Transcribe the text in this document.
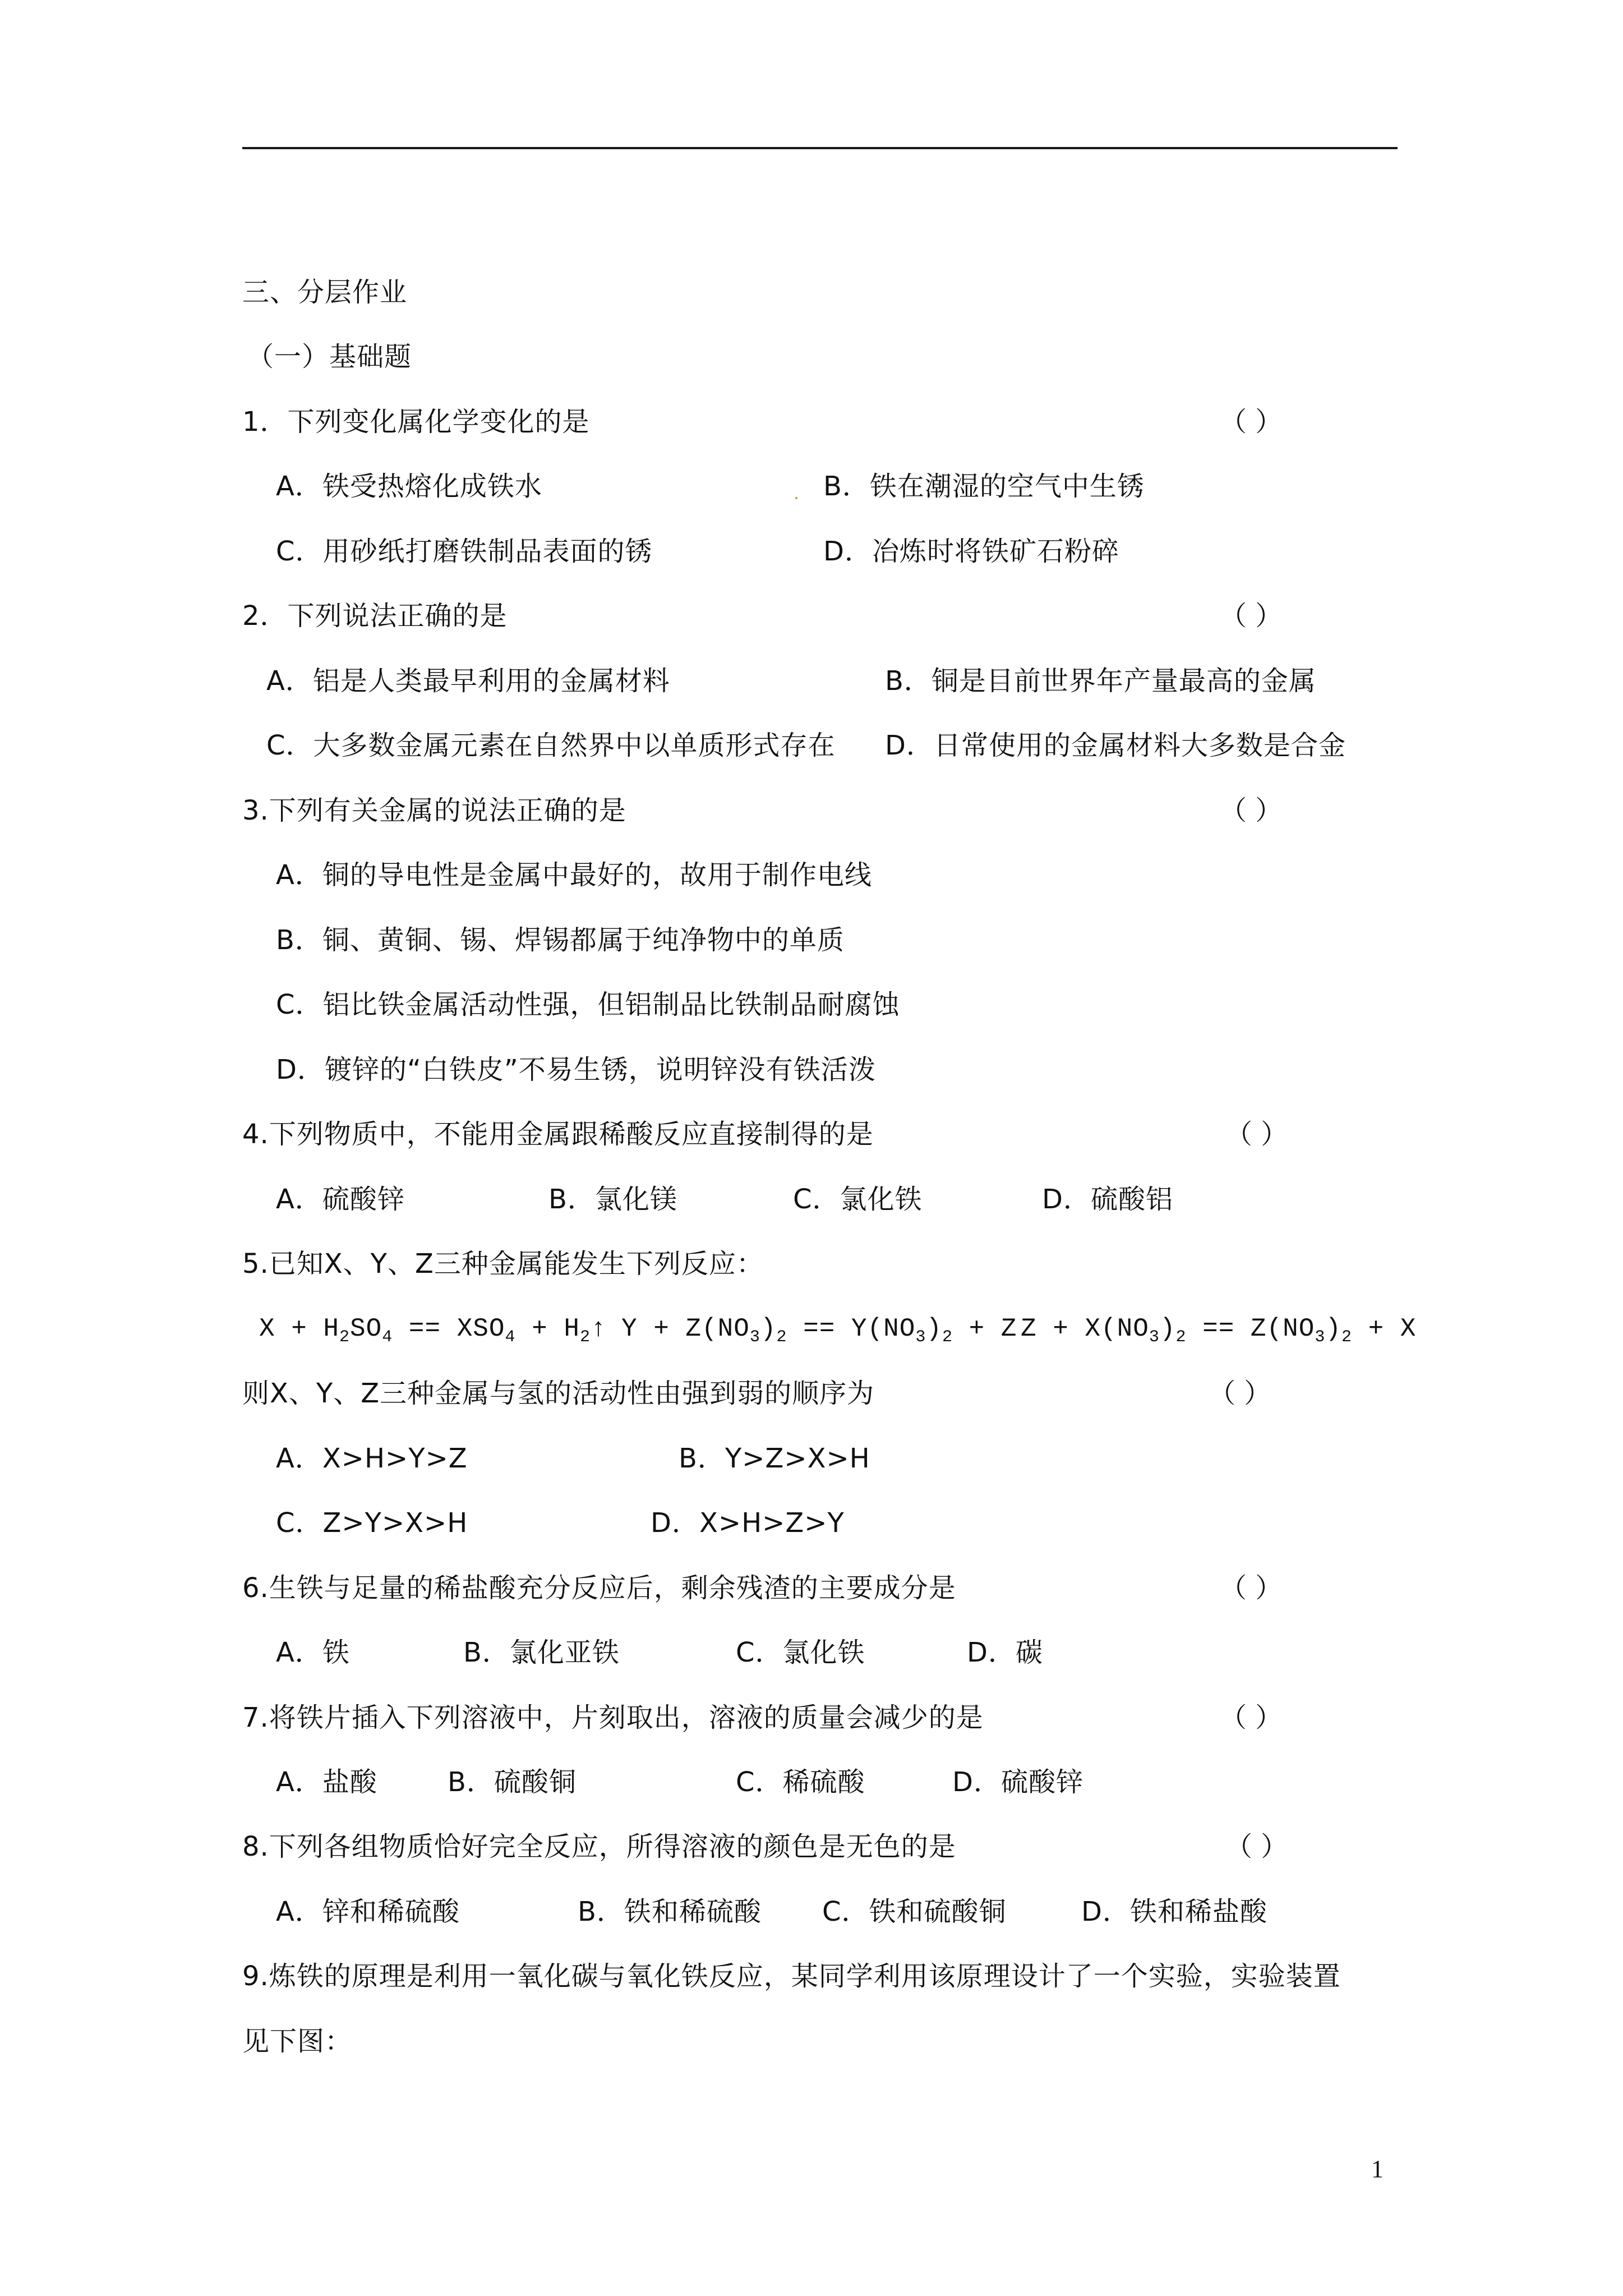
三、分层作业
（一）基础题
1．下列变化属化学变化的是	（ ）
A．铁受热熔化成铁水	B．铁在潮湿的空气中生锈
C．用砂纸打磨铁制品表面的锈	D．冶炼时将铁矿石粉碎
2．下列说法正确的是	（ ）
A．铝是人类最早利用的金属材料	B．铜是目前世界年产量最高的金属
C．大多数金属元素在自然界中以单质形式存在 D．日常使用的金属材料大多数是合金
3.下列有关金属的说法正确的是	（ ）
A．铜的导电性是金属中最好的，故用于制作电线
B．铜、黄铜、锡、焊锡都属于纯净物中的单质
C．铝比铁金属活动性强，但铝制品比铁制品耐腐蚀
D．镀锌的“白铁皮”不易生锈，说明锌没有铁活泼
4.下列物质中，不能用金属跟稀酸反应直接制得的是	（ ）
A．硫酸锌	B．氯化镁	C．氯化铁	D．硫酸铝
5.已知X、Y、Z三种金属能发生下列反应：
$X + H_2SO_4 == XSO_4$ + $H_2↑$ $Y + Z(NO_3)_2 == Y(NO_3)_2 + Z$ $Z + X(NO_3)_2 == Z(NO_3)_2 + X$
则X、Y、Z三种金属与氢的活动性由强到弱的顺序为	（ ）
A．X>H>Y>Z	B．Y>Z>X>H
C．Z>Y>X>H	D．X>H>Z>Y
6.生铁与足量的稀盐酸充分反应后，剩余残渣的主要成分是	（ ）
A．铁	B．氯化亚铁	C．氯化铁	D．碳
7.将铁片插入下列溶液中，片刻取出，溶液的质量会减少的是	（ ）
A．盐酸	B．硫酸铜	C．稀硫酸	D．硫酸锌
8.下列各组物质恰好完全反应，所得溶液的颜色是无色的是	（ ）
A．锌和稀硫酸	B．铁和稀硫酸 C．铁和硫酸铜	D．铁和稀盐酸
9.炼铁的原理是利用一氧化碳与氧化铁反应，某同学利用该原理设计了一个实验，实验装置
见下图：
1
